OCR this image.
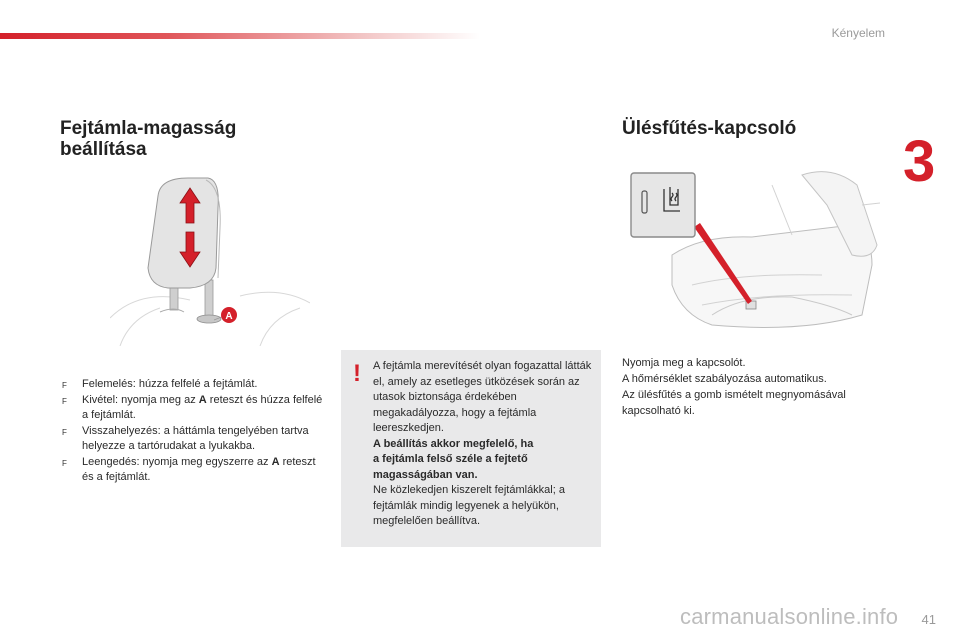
Kényelem
3
Fejtámla-magasság
beállítása
A
F Felemelés: húzza felfelé a fejtámlát.
F Kivétel: nyomja meg az A reteszt és húzza felfelé a fejtámlát.
F Visszahelyezés: a háttámla tengelyében tartva helyezze a tartórudakat a lyukakba.
F Leengedés: nyomja meg egyszerre az A reteszt és a fejtámlát.
! A fejtámla merevítését olyan fogazattal látták el, amely az esetleges ütközések során az utasok biztonsága érdekében megakadályozza, hogy a fejtámla leereszkedjen.
A beállítás akkor megfelelő, ha
a fejtámla felső széle a fejtető
magasságában van.
Ne közlekedjen kiszerelt fejtámlákkal; a fejtámlák mindig legyenek a helyükön, megfelelően beállítva.
Ülésfűtés-kapcsoló
Nyomja meg a kapcsolót.
A hőmérséklet szabályozása automatikus.
Az ülésfűtés a gomb ismételt megnyomásával kapcsolható ki.
carmanualsonline.info 41
